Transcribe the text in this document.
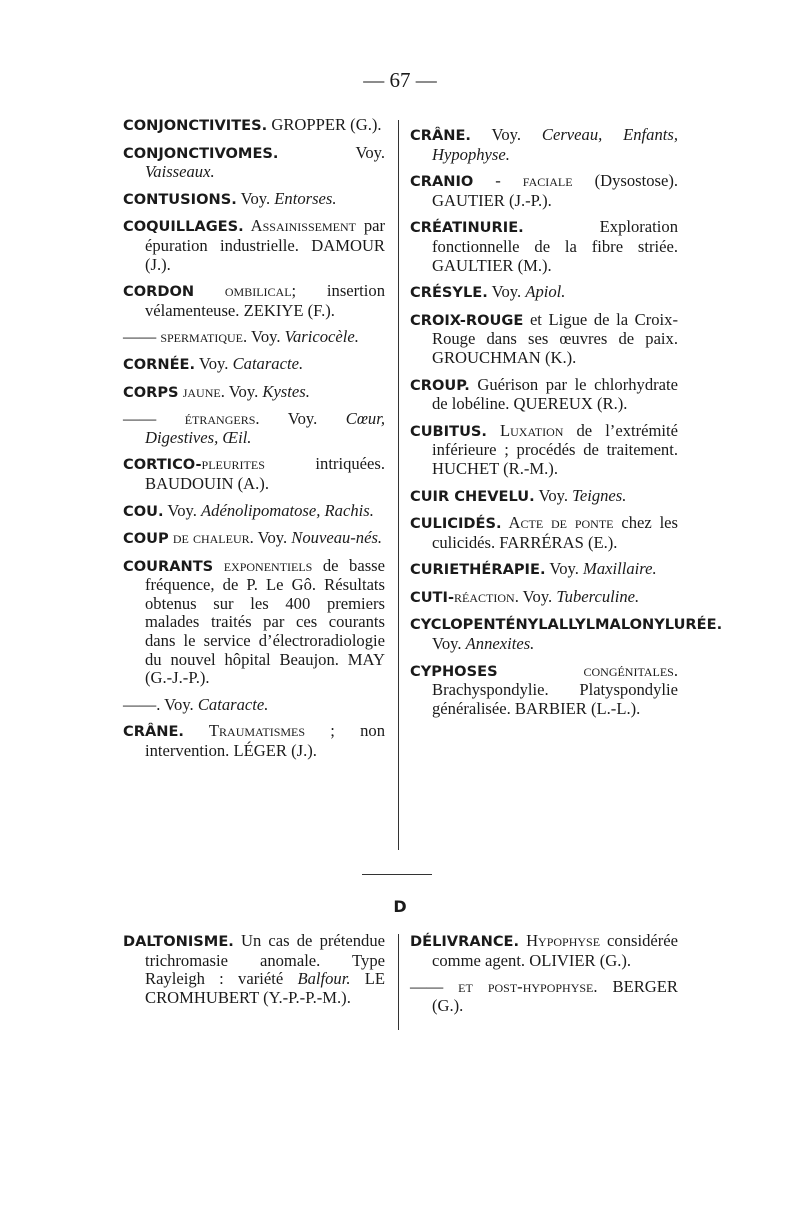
— 67 —

CONJONCTIVITES. GROPPER (G.).

CONJONCTIVOMES. Voy. Vaisseaux.

CONTUSIONS. Voy. Entorses.

COQUILLAGES. Assainissement par épuration industrielle. DAMOUR (J.).

CORDON ombilical; insertion vélamenteuse. ZEKIYE (F.).

—— spermatique. Voy. Varicocèle.

CORNÉE. Voy. Cataracte.

CORPS jaune. Voy. Kystes.

—— étrangers. Voy. Cœur, Digestives, Œil.

CORTICO-pleurites intriquées. BAUDOUIN (A.).

COU. Voy. Adénolipomatose, Rachis.

COUP de chaleur. Voy. Nouveau-nés.

COURANTS exponentiels de basse fréquence, de P. Le Gô. Résultats obtenus sur les 400 premiers malades traités par ces courants dans le service d’électroradiologie du nouvel hôpital Beaujon. MAY (G.-J.-P.).

——. Voy. Cataracte.

CRÂNE. Traumatismes ; non intervention. LÉGER (J.).

CRÂNE. Voy. Cerveau, Enfants, Hypophyse.

CRANIO - faciale (Dysostose). GAUTIER (J.-P.).

CRÉATINURIE. Exploration fonctionnelle de la fibre striée. GAULTIER (M.).

CRÉSYLE. Voy. Apiol.

CROIX-ROUGE et Ligue de la Croix-Rouge dans ses œuvres de paix. GROUCHMAN (K.).

CROUP. Guérison par le chlorhydrate de lobéline. QUEREUX (R.).

CUBITUS. Luxation de l’extrémité inférieure ; procédés de traitement. HUCHET (R.-M.).

CUIR CHEVELU. Voy. Teignes.

CULICIDÉS. Acte de ponte chez les culicidés. FARRÉRAS (E.).

CURIETHÉRAPIE. Voy. Maxillaire.

CUTI-réaction. Voy. Tuberculine.

CYCLOPENTÉNYLALLYLMALONYLURÉE. Voy. Annexites.

CYPHOSES congénitales. Brachyspondylie. Platyspondylie généralisée. BARBIER (L.-L.).

D

DALTONISME. Un cas de prétendue trichromasie anomale. Type Rayleigh : variété Balfour. LE CROMHUBERT (Y.-P.-P.-M.).

DÉLIVRANCE. Hypophyse considérée comme agent. OLIVIER (G.).

—— et post-hypophyse. BERGER (G.).
